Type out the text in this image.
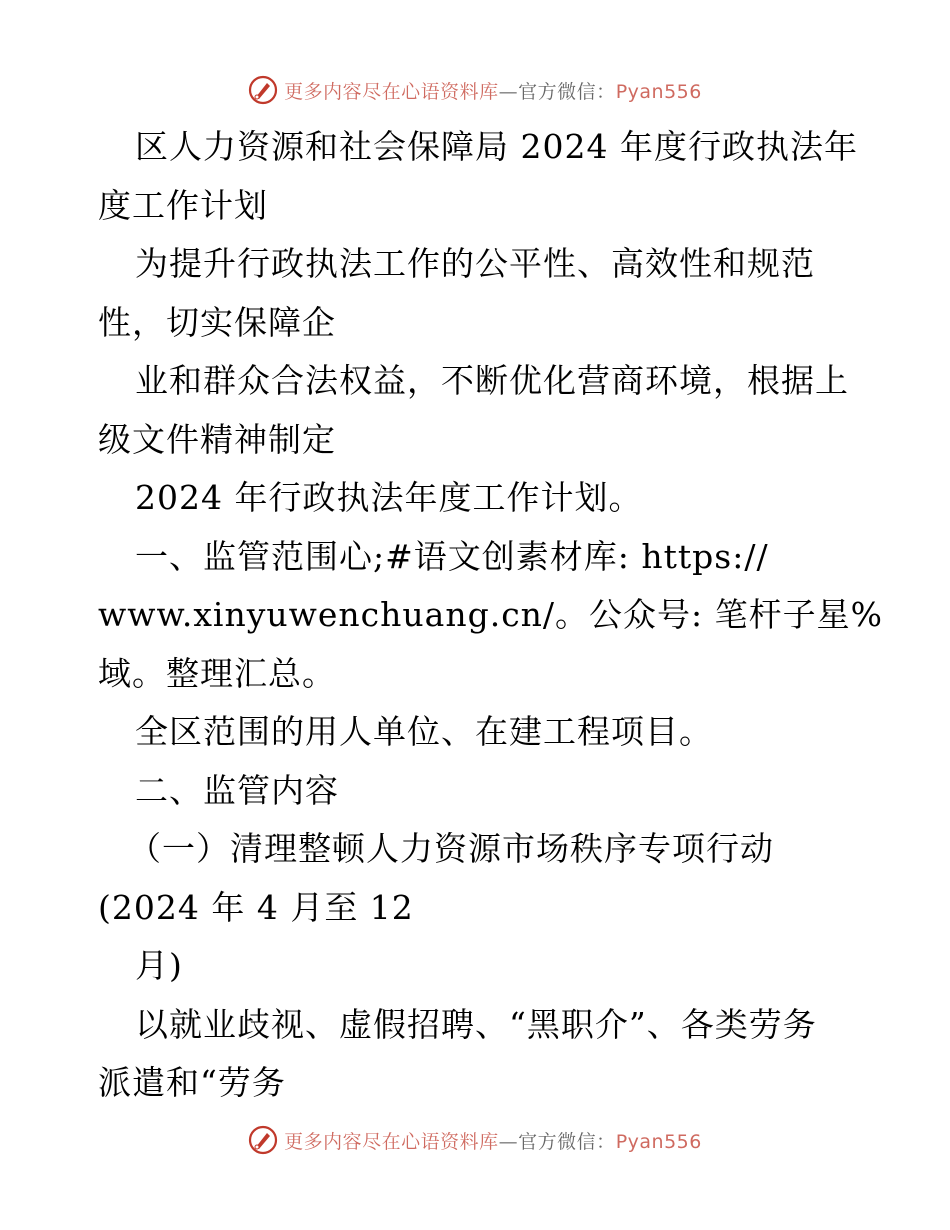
更多内容尽在心语资料库—官方微信：Pyan556
区人力资源和社会保障局 2024 年度行政执法年
度工作计划
为提升行政执法工作的公平性、高效性和规范
性，切实保障企
业和群众合法权益，不断优化营商环境，根据上
级文件精神制定
2024 年行政执法年度工作计划。
一、监管范围心;#语文创素材库: https://
www.xinyuwenchuang.cn/。公众号: 笔杆子星%
域。整理汇总。
全区范围的用人单位、在建工程项目。
二、监管内容
（一）清理整顿人力资源市场秩序专项行动
(2024 年 4 月至 12
月)
以就业歧视、虚假招聘、“黑职介”、各类劳务
派遣和“劳务
更多内容尽在心语资料库—官方微信：Pyan556
